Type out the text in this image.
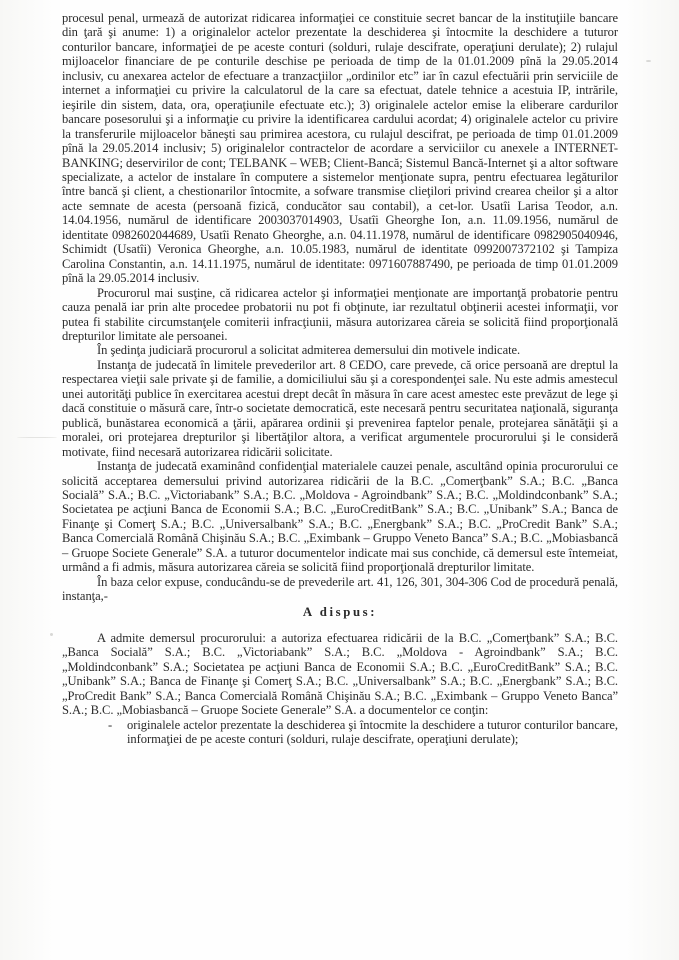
procesul penal, urmează de autorizat ridicarea informaţiei ce constituie secret bancar de la instituţiile bancare din ţară şi anume: 1) a originalelor actelor prezentate la deschiderea şi întocmite la deschidere a tuturor conturilor bancare, informaţiei de pe aceste conturi (solduri, rulaje descifrate, operaţiuni derulate); 2) rulajul mijloacelor financiare de pe conturile deschise pe perioada de timp de la 01.01.2009 pînă la 29.05.2014 inclusiv, cu anexarea actelor de efectuare a tranzacţiilor „ordinilor etc” iar în cazul efectuării prin serviciile de internet a informaţiei cu privire la calculatorul de la care sa efectuat, datele tehnice a acestuia IP, intrările, ieşirile din sistem, data, ora, operaţiunile efectuate etc.); 3) originalele actelor emise la eliberare cardurilor bancare posesorului şi a informaţie cu privire la identificarea cardului acordat; 4) originalele actelor cu privire la transferurile mijloacelor băneşti sau primirea acestora, cu rulajul descifrat, pe perioada de timp 01.01.2009 pînă la 29.05.2014 inclusiv; 5) originalelor contractelor de acordare a serviciilor cu anexele a INTERNET-BANKING; deservirilor de cont; TELBANK – WEB; Client-Bancă; Sistemul Bancă-Internet şi a altor software specializate, a actelor de instalare în computere a sistemelor menţionate supra, pentru efectuarea legăturilor între bancă şi client, a chestionarilor întocmite, a sofware transmise clieţilori privind crearea cheilor şi a altor acte semnate de acesta (persoană fizică, conducător sau contabil), a cet-lor. Usatîi Larisa Teodor, a.n. 14.04.1956, numărul de identificare 2003037014903, Usatîi Gheorghe Ion, a.n. 11.09.1956, numărul de identitate 0982602044689, Usatîi Renato Gheorghe, a.n. 04.11.1978, numărul de identificare 0982905040946, Schimidt (Usatîi) Veronica Gheorghe, a.n. 10.05.1983, numărul de identitate 0992007372102 şi Tampiza Carolina Constantin, a.n. 14.11.1975, numărul de identitate: 0971607887490, pe perioada de timp 01.01.2009 pînă la 29.05.2014 inclusiv.

Procurorul mai susţine, că ridicarea actelor şi informaţiei menţionate are importanţă probatorie pentru cauza penală iar prin alte procedee probatorii nu pot fi obţinute, iar rezultatul obţinerii acestei informaţii, vor putea fi stabilite circumstanţele comiterii infracţiunii, măsura autorizarea căreia se solicită fiind proporţională drepturilor limitate ale persoanei.

În şedinţa judiciară procurorul a solicitat admiterea demersului din motivele indicate.

Instanţa de judecată în limitele prevederilor art. 8 CEDO, care prevede, că orice persoană are dreptul la respectarea vieţii sale private şi de familie, a domiciliului său şi a corespondenţei sale. Nu este admis amestecul unei autorităţi publice în exercitarea acestui drept decât în măsura în care acest amestec este prevăzut de lege şi dacă constituie o măsură care, într-o societate democratică, este necesară pentru securitatea naţională, siguranţa publică, bunăstarea economică a ţării, apărarea ordinii şi prevenirea faptelor penale, protejarea sănătăţii şi a moralei, ori protejarea drepturilor şi libertăţilor altora, a verificat argumentele procurorului şi le consideră motivate, fiind necesară autorizarea ridicării solicitate.

Instanţa de judecată examinând confidenţial materialele cauzei penale, ascultând opinia procurorului ce solicită acceptarea demersului privind autorizarea ridicării de la B.C. „Comerţbank” S.A.; B.C. „Banca Socială” S.A.; B.C. „Victoriabank” S.A.; B.C. „Moldova - Agroindbank” S.A.; B.C. „Moldindconbank” S.A.; Societatea pe acţiuni Banca de Economii S.A.; B.C. „EuroCreditBank” S.A.; B.C. „Unibank” S.A.; Banca de Finanţe şi Comerţ S.A.; B.C. „Universalbank” S.A.; B.C. „Energbank” S.A.; B.C. „ProCredit Bank” S.A.; Banca Comercială Română Chişinău S.A.; B.C. „Eximbank – Gruppo Veneto Banca” S.A.; B.C. „Mobiasbancă – Gruope Societe Generale” S.A. a tuturor documentelor indicate mai sus conchide, că demersul este întemeiat, urmând a fi admis, măsura autorizarea căreia se solicită fiind proporţională drepturilor limitate.

În baza celor expuse, conducându-se de prevederile art. 41, 126, 301, 304-306 Cod de procedură penală, instanţa,-

A dispus:

A admite demersul procurorului: a autoriza efectuarea ridicării de la B.C. „Comerţbank” S.A.; B.C. „Banca Socială” S.A.; B.C. „Victoriabank” S.A.; B.C. „Moldova - Agroindbank” S.A.; B.C. „Moldindconbank” S.A.; Societatea pe acţiuni Banca de Economii S.A.; B.C. „EuroCreditBank” S.A.; B.C. „Unibank” S.A.; Banca de Finanţe şi Comerţ S.A.; B.C. „Universalbank” S.A.; B.C. „Energbank” S.A.; B.C. „ProCredit Bank” S.A.; Banca Comercială Română Chişinău S.A.; B.C. „Eximbank – Gruppo Veneto Banca” S.A.; B.C. „Mobiasbancă – Gruope Societe Generale” S.A. a documentelor ce conţin:

- originalele actelor prezentate la deschiderea şi întocmite la deschidere a tuturor conturilor bancare, informaţiei de pe aceste conturi (solduri, rulaje descifrate, operaţiuni derulate);
